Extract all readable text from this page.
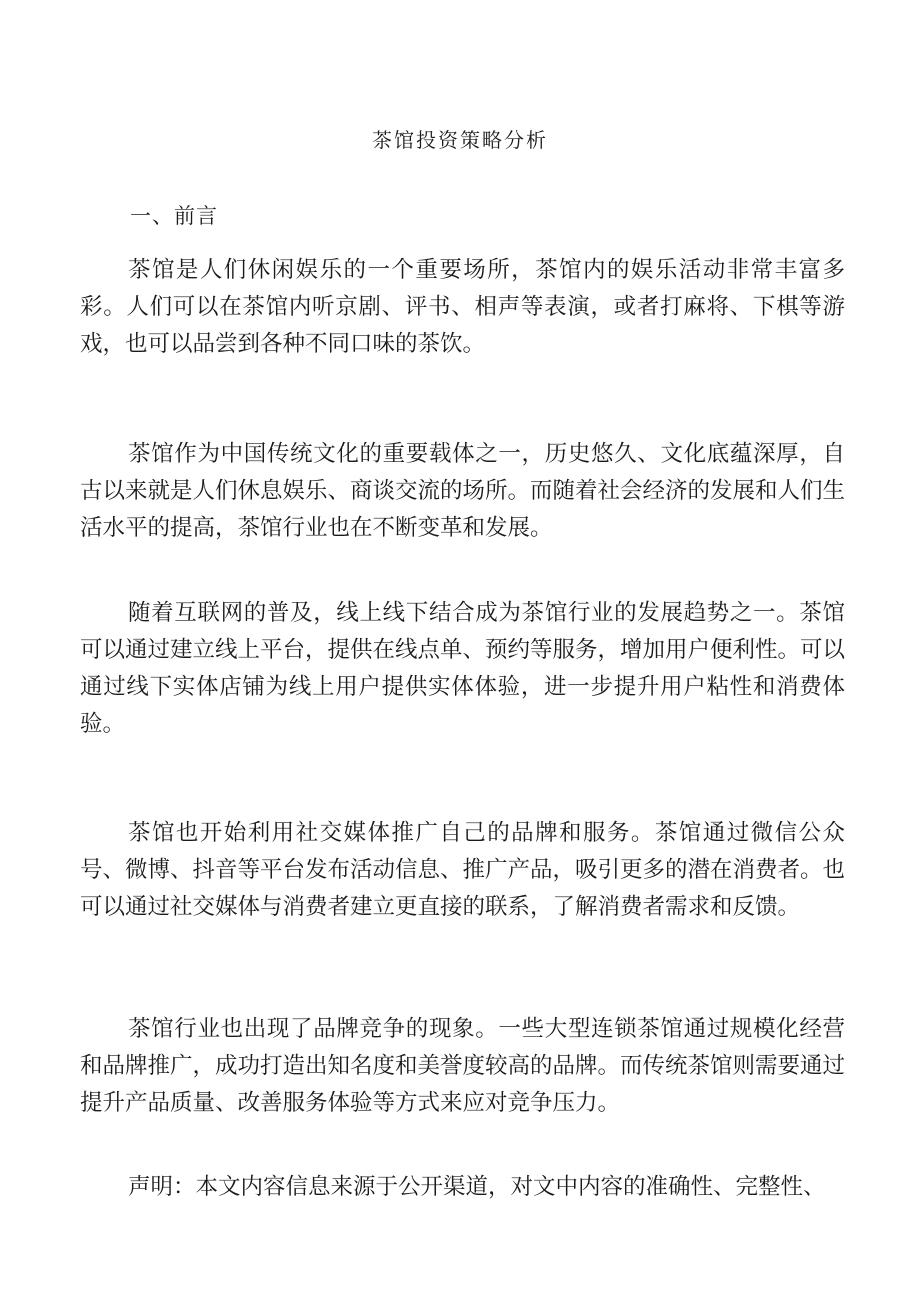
茶馆投资策略分析
一、前言

茶馆是人们休闲娱乐的一个重要场所，茶馆内的娱乐活动非常丰富多彩。人们可以在茶馆内听京剧、评书、相声等表演，或者打麻将、下棋等游戏，也可以品尝到各种不同口味的茶饮。

茶馆作为中国传统文化的重要载体之一，历史悠久、文化底蕴深厚，自古以来就是人们休息娱乐、商谈交流的场所。而随着社会经济的发展和人们生活水平的提高，茶馆行业也在不断变革和发展。

随着互联网的普及，线上线下结合成为茶馆行业的发展趋势之一。茶馆可以通过建立线上平台，提供在线点单、预约等服务，增加用户便利性。可以通过线下实体店铺为线上用户提供实体体验，进一步提升用户粘性和消费体验。

茶馆也开始利用社交媒体推广自己的品牌和服务。茶馆通过微信公众号、微博、抖音等平台发布活动信息、推广产品，吸引更多的潜在消费者。也可以通过社交媒体与消费者建立更直接的联系，了解消费者需求和反馈。

茶馆行业也出现了品牌竞争的现象。一些大型连锁茶馆通过规模化经营和品牌推广，成功打造出知名度和美誉度较高的品牌。而传统茶馆则需要通过提升产品质量、改善服务体验等方式来应对竞争压力。

声明：本文内容信息来源于公开渠道，对文中内容的准确性、完整性、
